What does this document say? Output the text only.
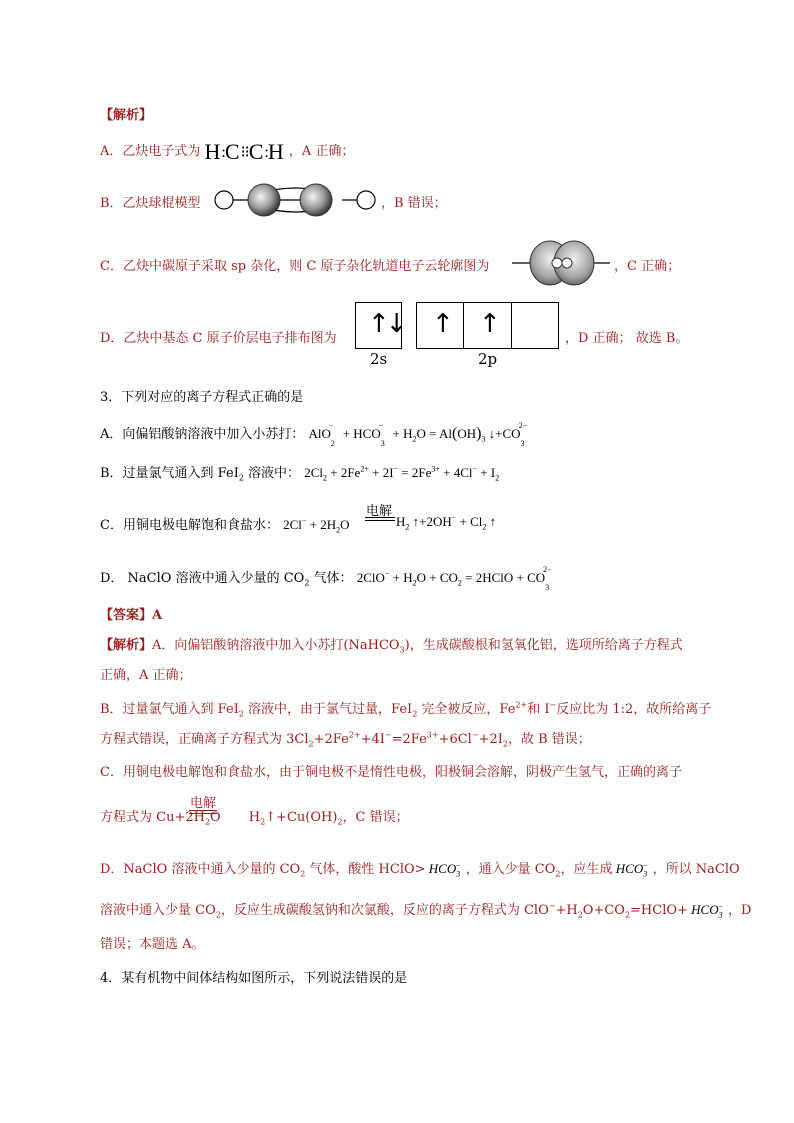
【解析】
A．乙炔电子式为 H:C⁝⁝C:H ，A 正确；
B．乙炔球棍模型	，B 错误；
C．乙炔中碳原子采取 sp 杂化，则 C 原子杂化轨道电子云轮廓图为	，C 正确；
D．乙炔中基态 C 原子价层电子排布图为 ↑↓ ↑ ↑
2s	2p
，D 正确； 故选 B。
3．下列对应的离子方程式正确的是
A．向偏铝酸钠溶液中加入小苏打： $AlO_2^- + HCO_3^- + H_2O = Al(OH)_3$ $↓+CO_3^{2-}$
B．过量氯气通入到 FeI$_2$ 溶液中： $2Cl_2 + 2Fe^{2+} + 2I^- = 2Fe^{3+} + 4Cl^- + I_2$
C．用铜电极电解饱和食盐水： $2Cl^- + 2H_2O$
电解
$H_2$ ↑+2OH− + $Cl_2$ ↑
D． NaClO 溶液中通入少量的 $CO_2$ 气体： $2ClO^- + H_2O + CO_2$ = 2HClO + $CO_3^{2-}$
【答案】A
【解析】A．向偏铝酸钠溶液中加入小苏打(NaHCO$_3$)，生成碳酸根和氢氧化铝，选项所给离子方程式
正确，A 正确；
B．过量氯气通入到 FeI$_2$ 溶液中，由于氯气过量，FeI$_2$ 完全被反应，$Fe^{2+}$和 I−反应比为 1:2，故所给离子
方程式错误，正确离子方程式为 $3Cl_2+2Fe^{2+}+4I^-=2Fe^{3+}+6Cl^-+2I_2$，故 B 错误；
C．用铜电极电解饱和食盐水，由于铜电极不是惰性电极，阳极铜会溶解，阴极产生氢气，正确的离子
方程式为 $Cu+2H_2O$ $H_2↑+Cu(OH)_2$，C 错误；
电解
D．NaClO 溶液中通入少量的 $CO_2$ 气体，酸性 HClO> $HCO_3^-$ ，通入少量 $CO_2$，应生成 $HCO_3^-$ ，所以 NaClO
溶液中通入少量 $CO_2$，反应生成碳酸氢钠和次氯酸，反应的离子方程式为 $ClO^-+H_2O+CO_2=HClO+ HCO_3^-$ ，D
错误；本题选 A。
4．某有机物中间体结构如图所示，下列说法错误的是
